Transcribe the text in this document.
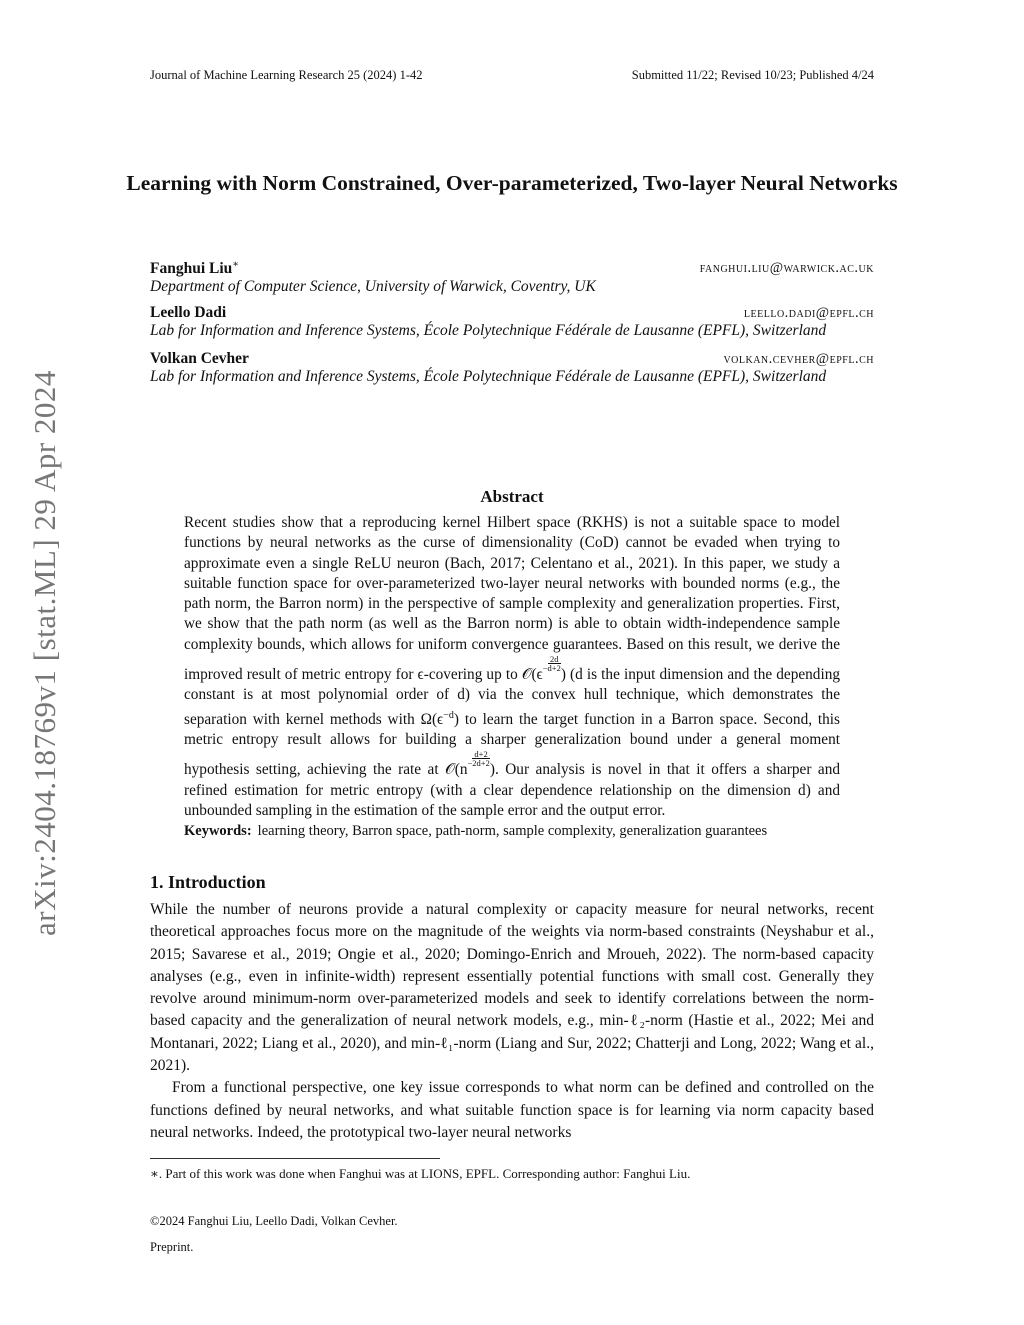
Journal of Machine Learning Research 25 (2024) 1-42	Submitted 11/22; Revised 10/23; Published 4/24
arXiv:2404.18769v1 [stat.ML] 29 Apr 2024
Learning with Norm Constrained, Over-parameterized, Two-layer Neural Networks
Fanghui Liu∗	fanghui.liu@warwick.ac.uk
Department of Computer Science, University of Warwick, Coventry, UK
Leello Dadi	leello.dadi@epfl.ch
Lab for Information and Inference Systems, École Polytechnique Fédérale de Lausanne (EPFL), Switzerland
Volkan Cevher	volkan.cevher@epfl.ch
Lab for Information and Inference Systems, École Polytechnique Fédérale de Lausanne (EPFL), Switzerland
Abstract
Recent studies show that a reproducing kernel Hilbert space (RKHS) is not a suitable space to model functions by neural networks as the curse of dimensionality (CoD) cannot be evaded when trying to approximate even a single ReLU neuron (Bach, 2017; Celentano et al., 2021). In this paper, we study a suitable function space for over-parameterized two-layer neural networks with bounded norms (e.g., the path norm, the Barron norm) in the perspective of sample complexity and generalization properties. First, we show that the path norm (as well as the Barron norm) is able to obtain width-independence sample complexity bounds, which allows for uniform convergence guarantees. Based on this result, we derive the improved result of metric entropy for ϵ-covering up to 𝒪(ϵ − $\frac{2d}{d+2}$
) (d is the input dimension and the depending constant is at most polynomial order of d) via the convex hull technique, which demonstrates the separation with kernel methods with $\Omega(\epsilon^{-d})$ to learn the target function in a Barron space. Second, this metric entropy result allows for building a sharper generalization bound under a general moment hypothesis setting, achieving the rate at 𝒪(n − $\frac{d+2}{2d+2}$
). Our analysis is novel in that it offers a sharper and refined estimation for metric entropy (with a clear dependence relationship on the dimension d) and unbounded sampling in the estimation of the sample error and the output error.
Keywords: learning theory, Barron space, path-norm, sample complexity, generalization guarantees
1. Introduction

While the number of neurons provide a natural complexity or capacity measure for neural networks, recent theoretical approaches focus more on the magnitude of the weights via norm-based constraints (Neyshabur et al., 2015; Savarese et al., 2019; Ongie et al., 2020; Domingo-Enrich and Mroueh, 2022). The norm-based capacity analyses (e.g., even in infinite-width) represent essentially potential functions with small cost. Generally they revolve around minimum-norm over-parameterized models and seek to identify correlations between the norm-based capacity and the generalization of neural network models, e.g., min-ℓ₂-norm (Hastie et al., 2022; Mei and Montanari, 2022; Liang et al., 2020), and min-ℓ₁-norm (Liang and Sur, 2022; Chatterji and Long, 2022; Wang et al., 2021).

From a functional perspective, one key issue corresponds to what norm can be defined and controlled on the functions defined by neural networks, and what suitable function space is for learning via norm capacity based neural networks. Indeed, the prototypical two-layer neural networks

∗. Part of this work was done when Fanghui was at LIONS, EPFL. Corresponding author: Fanghui Liu.
©2024 Fanghui Liu, Leello Dadi, Volkan Cevher.
Preprint.
